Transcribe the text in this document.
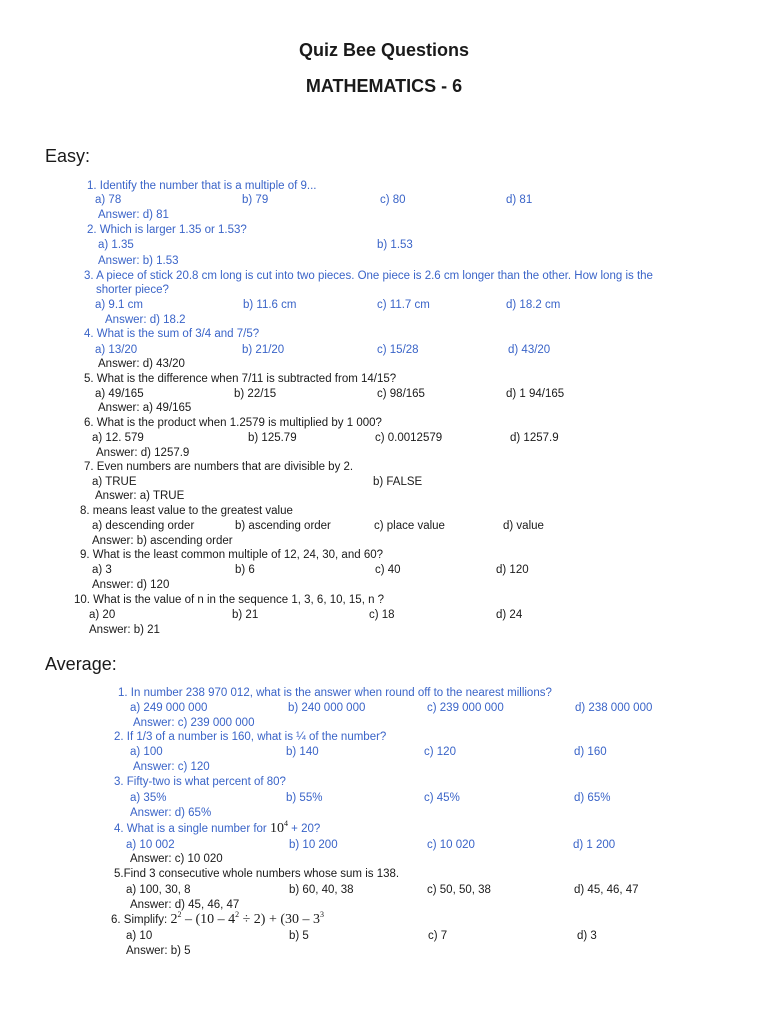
Quiz Bee Questions
MATHEMATICS - 6
Easy:
1. Identify the number that is a multiple of 9...
a) 78	b) 79	c) 80	d) 81
Answer: d) 81
2. Which is larger 1.35 or 1.53?
a) 1.35	b) 1.53
Answer: b) 1.53
3. A piece of stick 20.8 cm long is cut into two pieces. One piece is 2.6 cm longer than the other. How long is the
shorter piece?
a) 9.1 cm	b) 11.6 cm	c) 11.7 cm	d) 18.2 cm
Answer: d) 18.2
4. What is the sum of 3/4 and 7/5?
a) 13/20	b) 21/20	c) 15/28	d) 43/20
Answer: d) 43/20
5. What is the difference when 7/11 is subtracted from 14/15?
a) 49/165	b) 22/15	c) 98/165	d) 1 94/165
Answer: a) 49/165
6. What is the product when 1.2579 is multiplied by 1 000?
a) 12. 579	b) 125.79	c) 0.0012579	d) 1257.9
Answer: d) 1257.9
7. Even numbers are numbers that are divisible by 2.
a) TRUE	b) FALSE
Answer: a) TRUE
8. means least value to the greatest value
a) descending order	b) ascending order	c) place value	d) value
Answer: b) ascending order
9. What is the least common multiple of 12, 24, 30, and 60?
a) 3	b) 6	c) 40	d) 120
Answer: d) 120
10. What is the value of n in the sequence 1, 3, 6, 10, 15, n ?
a) 20	b) 21	c) 18	d) 24
Answer: b) 21
Average:
1. In number 238 970 012, what is the answer when round off to the nearest millions?
a) 249 000 000	b) 240 000 000	c) 239 000 000	d) 238 000 000
Answer: c) 239 000 000
2. If 1/3 of a number is 160, what is ¼ of the number?
a) 100	b) 140	c) 120	d) 160
Answer: c) 120
3. Fifty-two is what percent of 80?
a) 35%	b) 55%	c) 45%	d) 65%
Answer: d) 65%
4. What is a single number for $10^4 + 20$?
a) 10 002	b) 10 200	c) 10 020	d) 1 200
Answer: c) 10 020
5.Find 3 consecutive whole numbers whose sum is 138.
a) 100, 30, 8	b) 60, 40, 38	c) 50, 50, 38	d) 45, 46, 47
Answer: d) 45, 46, 47
6. Simplify: $2^2 - (10 - 4^2 \div 2) + (30 - 3^3$
a) 10	b) 5	c) 7	d) 3
Answer: b) 5
